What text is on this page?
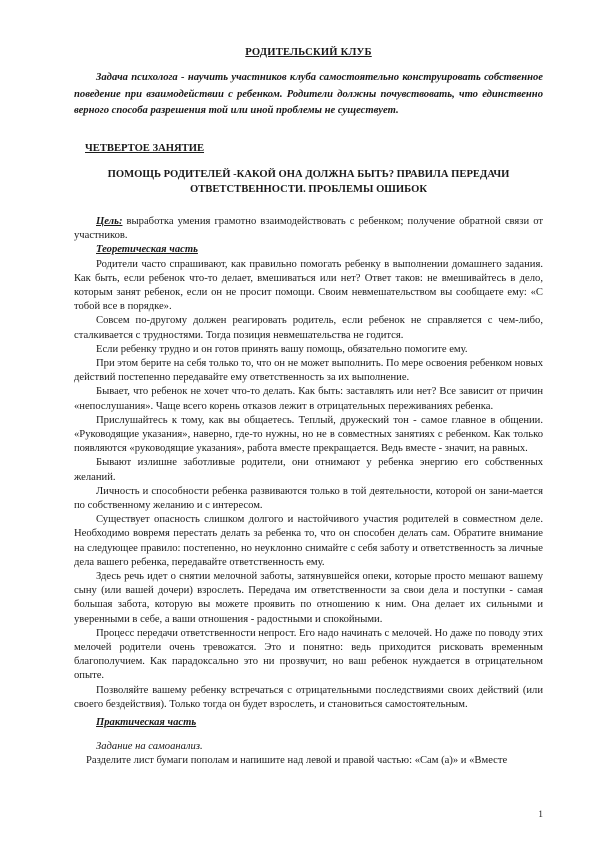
РОДИТЕЛЬСКИЙ КЛУБ

Задача психолога - научить участников клуба самостоятельно конструировать собственное поведение при взаимодействии с ребенком. Родители должны почувствовать, что единственно верного способа разрешения той или иной проблемы не существует.

ЧЕТВЕРТОЕ ЗАНЯТИЕ
ПОМОЩЬ РОДИТЕЛЕЙ -КАКОЙ ОНА ДОЛЖНА БЫТЬ? ПРАВИЛА ПЕРЕДАЧИ ОТВЕТСТВЕННОСТИ. ПРОБЛЕМЫ ОШИБОК

Цель: выработка умения грамотно взаимодействовать с ребенком; получение обратной связи от участников.

Теоретическая часть

Родители часто спрашивают, как правильно помогать ребенку в выполнении домашнего задания. Как быть, если ребенок что-то делает, вмешиваться или нет? Ответ таков: не вмешивайтесь в дело, которым занят ребенок, если он не просит помощи. Своим невмешательством вы сообщаете ему: «С тобой все в порядке».

Совсем по-другому должен реагировать родитель, если ребенок не справляется с чем-либо, сталкивается с трудностями. Тогда позиция невмешательства не годится.

Если ребенку трудно и он готов принять вашу помощь, обязательно помогите ему.

При этом берите на себя только то, что он не может выполнить. По мере освоения ребенком новых действий постепенно передавайте ему ответственность за их выполнение.

Бывает, что ребенок не хочет что-то делать. Как быть: заставлять или нет? Все зависит от причин «непослушания». Чаще всего корень отказов лежит в отрицательных переживаниях ребенка.

Прислушайтесь к тому, как вы общаетесь. Теплый, дружеский тон - самое главное в общении. «Руководящие указания», наверно, где-то нужны, но не в совместных занятиях с ребенком. Как только появляются «руководящие указания», работа вместе прекращается. Ведь вместе - значит, на равных.

Бывают излишне заботливые родители, они отнимают у ребенка энергию его собственных желаний.

Личность и способности ребенка развиваются только в той деятельности, которой он зани-мается по собственному желанию и с интересом.

Существует опасность слишком долгого и настойчивого участия родителей в совместном деле. Необходимо вовремя перестать делать за ребенка то, что он способен делать сам. Обратите внимание на следующее правило: постепенно, но неуклонно снимайте с себя заботу и ответственность за личные дела вашего ребенка, передавайте ответственность ему.

Здесь речь идет о снятии мелочной заботы, затянувшейся опеки, которые просто мешают вашему сыну (или вашей дочери) взрослеть. Передача им ответственности за свои дела и поступки - самая большая забота, которую вы можете проявить по отношению к ним. Она делает их сильными и уверенными в себе, а ваши отношения - радостными и спокойными.

Процесс передачи ответственности непрост. Его надо начинать с мелочей. Но даже по поводу этих мелочей родители очень тревожатся. Это и понятно: ведь приходится рисковать временным благополучием. Как парадоксально это ни прозвучит, но ваш ребенок нуждается в отрицательном опыте.

Позволяйте вашему ребенку встречаться с отрицательными последствиями своих действий (или своего бездействия). Только тогда он будет взрослеть, и становиться самостоятельным.

Практическая часть

Задание на самоанализ.

Разделите лист бумаги пополам и напишите над левой и правой частью: «Сам (а)» и «Вместе

1
